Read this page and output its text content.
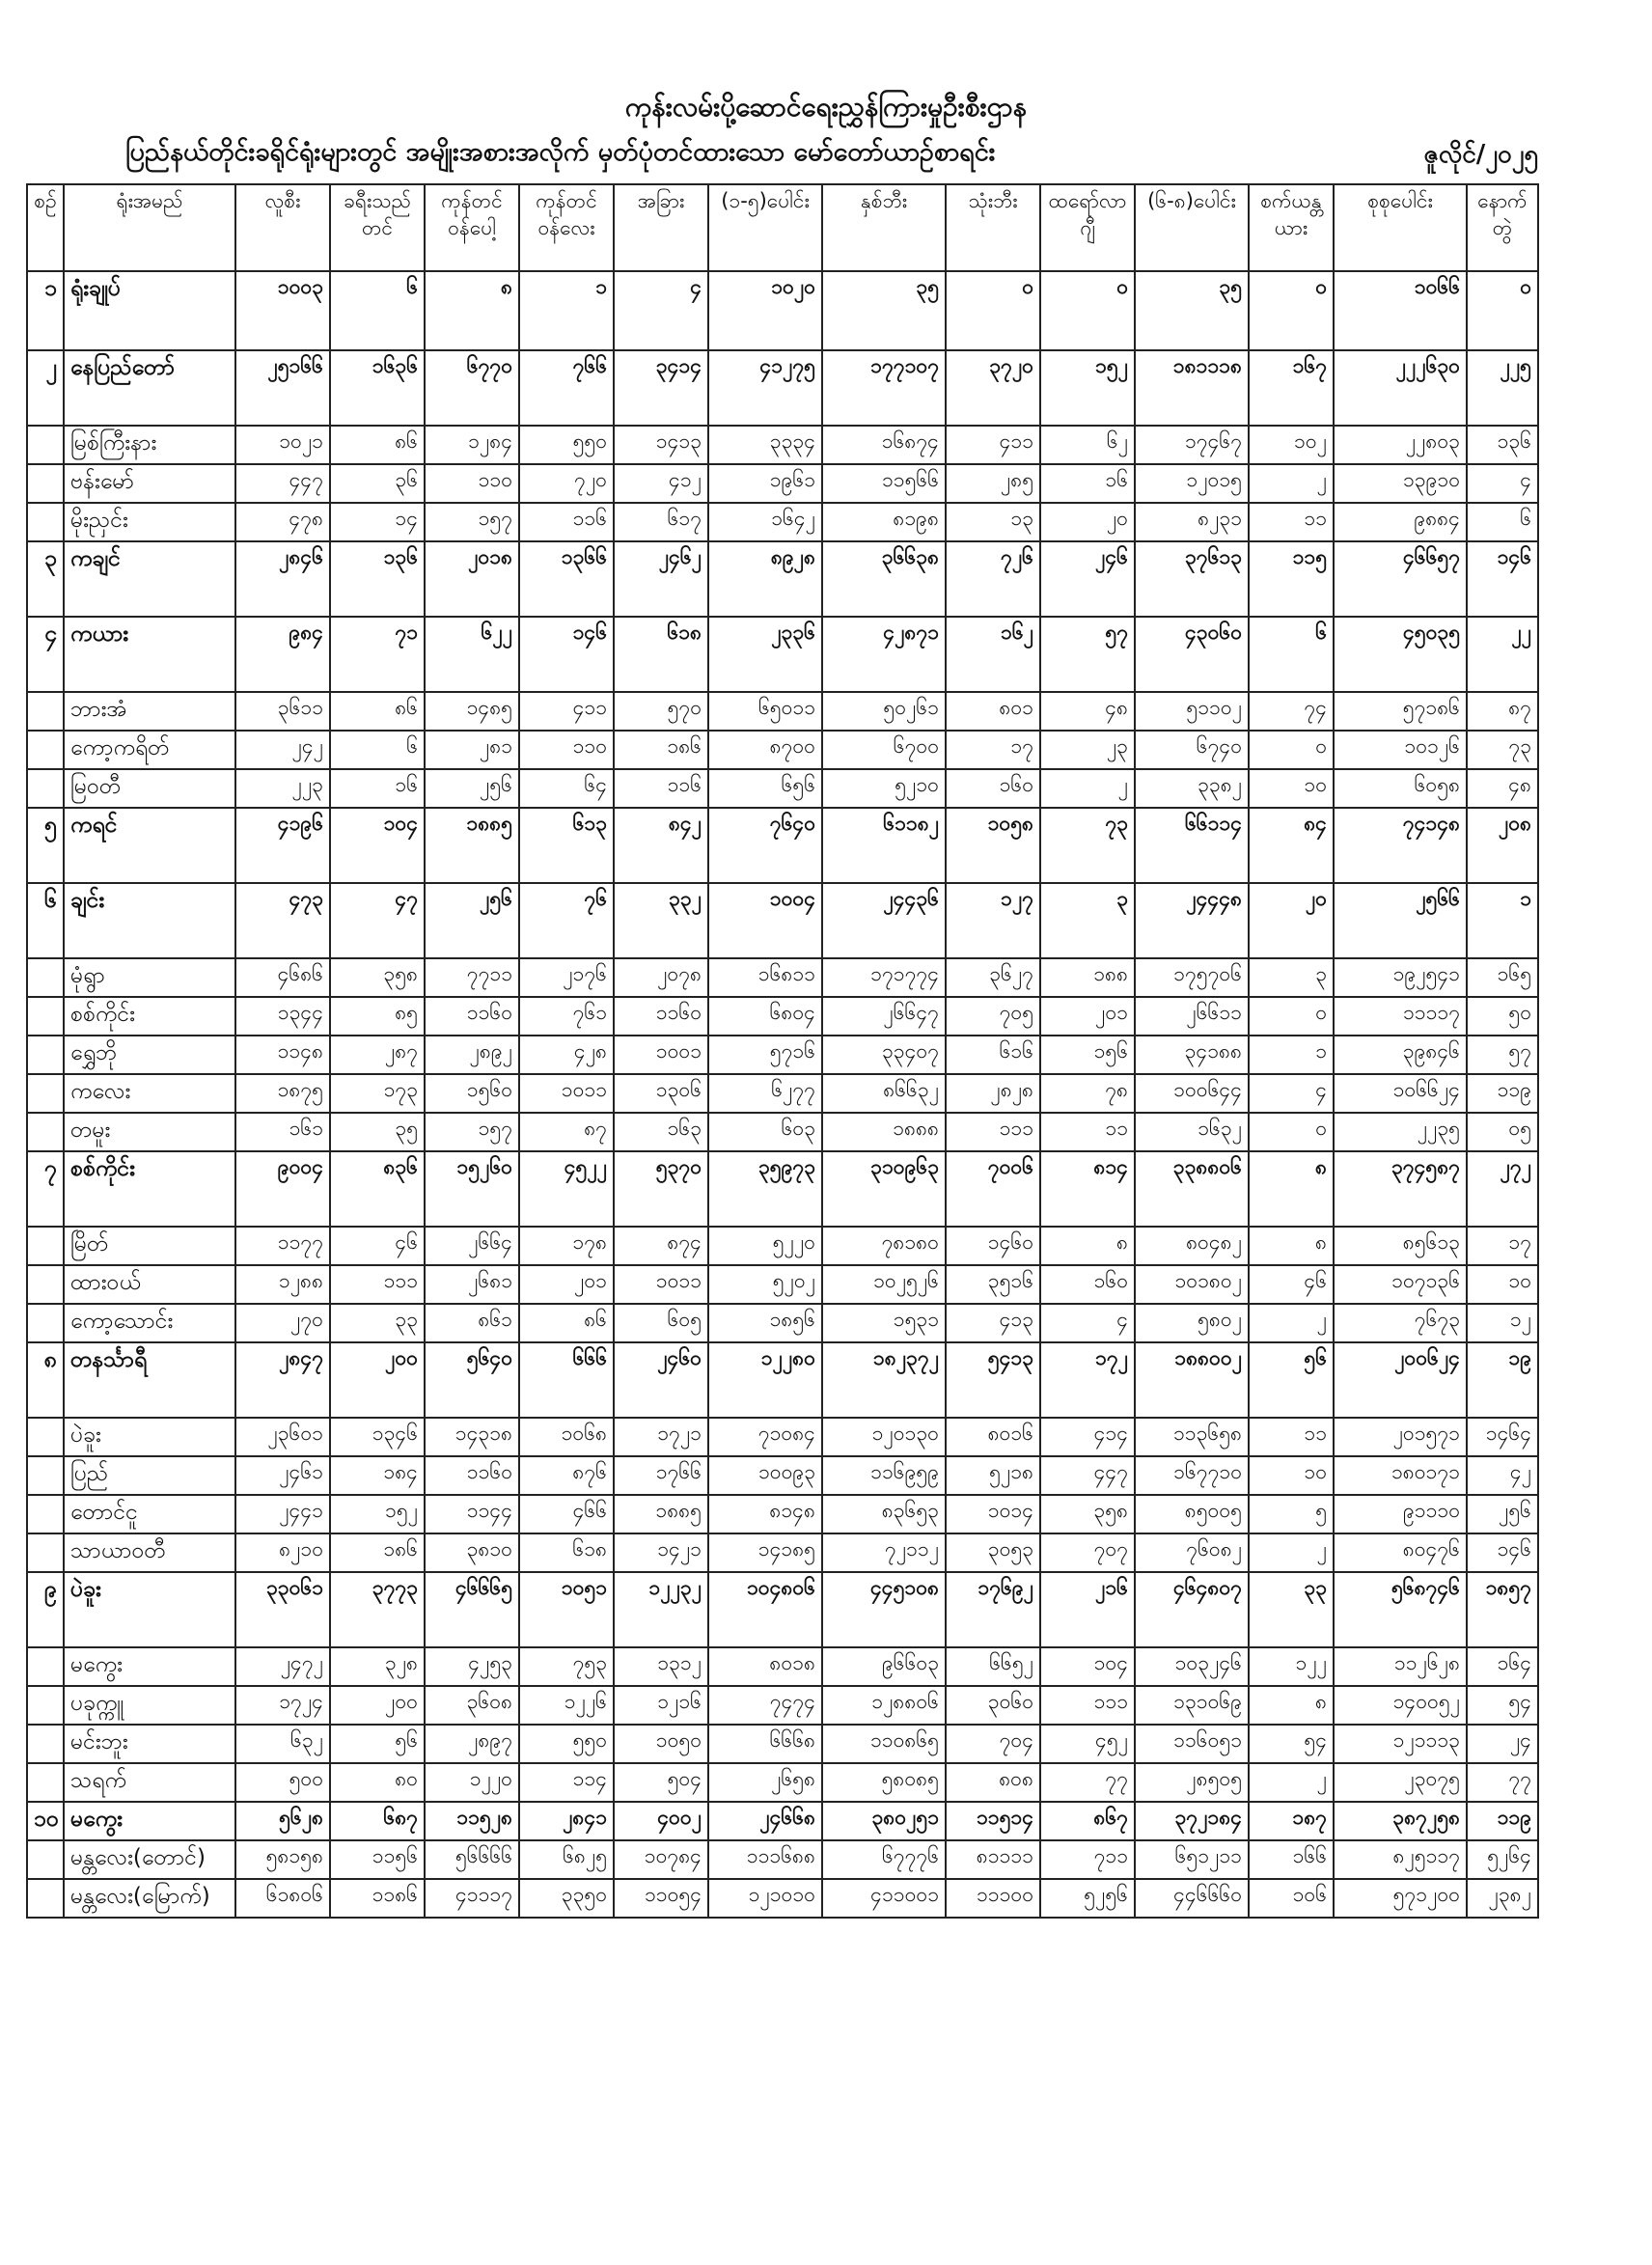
ကုန်းလမ်းပို့ဆောင်ရေးညွှန်ကြားမှုဦးစီးဌာန
ပြည်နယ်တိုင်းခရိုင်ရုံးများတွင် အမျိုးအစားအလိုက် မှတ်ပုံတင်ထားသော မော်တော်ယာဉ်စာရင်း	ဇူလိုင်/၂၀၂၅
စဉ်	ရုံးအမည်	လူစီး	ခရီးသည်တင်	ကုန်တင်ဝန်ပေါ့	ကုန်တင်ဝန်လေး	အခြား	(၁-၅)ပေါင်း	နှစ်ဘီး	သုံးဘီး	ထရော်လာဂျီ	(၆-၈)ပေါင်း	စက်ယန္တယား	စုစုပေါင်း	နောက်တွဲ
၁	ရုံးချုပ်	၁၀၀၃	၆	၈	၁	၄	၁၀၂၀	၃၅	၀	၀	၃၅	၀	၁၀၆၆	၀
၂	နေပြည်တော်	၂၅၁၆၆	၁၆၃၆	၆၇၇၀	၇၆၆	၃၄၁၄	၄၁၂၇၅	၁၇၇၁၀၇	၃၇၂၀	၁၅၂	၁၈၁၁၁၈	၁၆၇	၂၂၂၆၃၀	၂၂၅
	မြစ်ကြီးနား	၁၀၂၁	၈၆	၁၂၈၄	၅၅၀	၁၄၁၃	၃၃၃၄	၁၆၈၇၄	၄၁၁	၆၂	၁၇၄၆၇	၁၀၂	၂၂၈၀၃	၁၃၆
	ဗန်းမော်	၄၄၇	၃၆	၁၁၀	၇၂၀	၄၁၂	၁၉၆၁	၁၁၅၆၆	၂၈၅	၁၆	၁၂၀၁၅	၂	၁၃၉၁၀	၄
	မိုးညှင်း	၄၇၈	၁၄	၁၅၇	၁၁၆	၆၁၇	၁၆၄၂	၈၁၉၈	၁၃	၂၀	၈၂၃၁	၁၁	၉၈၈၄	၆
၃	ကချင်	၂၈၄၆	၁၃၆	၂၀၁၈	၁၃၆၆	၂၄၆၂	၈၉၂၈	၃၆၆၃၈	၇၂၆	၂၄၆	၃၇၆၁၃	၁၁၅	၄၆၆၅၇	၁၄၆
၄	ကယား	၉၈၄	၇၁	၆၂၂	၁၄၆	၆၁၈	၂၃၃၆	၄၂၈၇၁	၁၆၂	၅၇	၄၃၀၆၀	၆	၄၅၀၃၅	၂၂
	ဘားအံ	၃၆၁၁	၈၆	၁၄၈၅	၄၁၁	၅၇၀	၆၅၀၁၁	၅၀၂၆၁	၈၀၁	၄၈	၅၁၁၀၂	၇၄	၅၇၁၈၆	၈၇
	ကော့ကရိတ်	၂၄၂	၆	၂၈၁	၁၁၀	၁၈၆	၈၇၀၀	၆၇၀၀	၁၇	၂၃	၆၇၄၀	၀	၁၀၁၂၆	၇၃
	မြဝတီ	၂၂၃	၁၆	၂၅၆	၆၄	၁၁၆	၆၅၆	၅၂၁၀	၁၆၀	၂	၃၃၈၂	၁၀	၆၀၅၈	၄၈
၅	ကရင်	၄၁၉၆	၁၀၄	၁၈၈၅	၆၁၃	၈၄၂	၇၆၄၀	၆၁၁၈၂	၁၀၅၈	၇၃	၆၆၁၁၄	၈၄	၇၄၁၄၈	၂၀၈
၆	ချင်း	၄၇၃	၄၇	၂၅၆	၇၆	၃၃၂	၁၀၀၄	၂၄၄၃၆	၁၂၇	၃	၂၄၄၄၈	၂၀	၂၅၆၆	၁
	မုံရွာ	၄၆၈၆	၃၅၈	၇၇၁၁	၂၁၇၆	၂၀၇၈	၁၆၈၁၁	၁၇၁၇၇၄	၃၆၂၇	၁၈၈	၁၇၅၇၀၆	၃	၁၉၂၅၄၁	၁၆၅
	စစ်ကိုင်း	၁၃၄၄	၈၅	၁၁၆၀	၇၆၁	၁၁၆၀	၆၈၀၄	၂၆၆၄၇	၇၀၅	၂၀၁	၂၆၆၁၁	၀	၁၁၁၁၇	၅၀
	ရွှေဘို	၁၁၄၈	၂၈၇	၂၈၉၂	၄၂၈	၁၀၀၁	၅၇၁၆	၃၃၄၀၇	၆၁၆	၁၅၆	၃၄၁၈၈	၁	၃၉၈၄၆	၅၇
	ကလေး	၁၈၇၅	၁၇၃	၁၅၆၀	၁၀၁၁	၁၃၀၆	၆၂၇၇	၈၆၆၃၂	၂၈၂၈	၇၈	၁၀၀၆၄၄	၄	၁၀၆၆၂၄	၁၁၉
	တမူး	၁၆၁	၃၅	၁၅၇	၈၇	၁၆၃	၆၀၃	၁၈၈၈	၁၁၁	၁၁	၁၆၃၂	၀	၂၂၃၅	၀၅
၇	စစ်ကိုင်း	၉၀၀၄	၈၃၆	၁၅၂၆၀	၄၅၂၂	၅၃၇၀	၃၅၉၇၃	၃၁၀၉၆၃	၇၀၀၆	၈၁၄	၃၃၈၈၀၆	၈	၃၇၄၅၈၇	၂၇၂
	မြိတ်	၁၁၇၇	၄၆	၂၆၆၄	၁၇၈	၈၇၄	၅၂၂၀	၇၈၁၈၀	၁၄၆၀	၈	၈၀၄၈၂	၈	၈၅၆၁၃	၁၇
	ထားဝယ်	၁၂၈၈	၁၁၁	၂၆၈၁	၂၀၁	၁၀၁၁	၅၂၀၂	၁၀၂၅၂၆	၃၅၁၆	၁၆၀	၁၀၁၈၀၂	၄၆	၁၀၇၁၃၆	၁၀
	ကော့သောင်း	၂၇၀	၃၃	၈၆၁	၈၆	၆၀၅	၁၈၅၆	၁၅၃၁	၄၁၃	၄	၅၈၀၂	၂	၇၆၇၃	၁၂
၈	တနင်္သာရီ	၂၈၄၇	၂၀၀	၅၆၄၀	၆၆၆	၂၄၆၀	၁၂၂၈၀	၁၈၂၃၇၂	၅၄၁၃	၁၇၂	၁၈၈၀၀၂	၅၆	၂၀၀၆၂၄	၁၉
	ပဲခူး	၂၃၆၀၁	၁၃၄၆	၁၄၃၁၈	၁၀၆၈	၁၇၂၁	၇၁၀၈၄	၁၂၀၁၃၀	၈၀၁၆	၄၁၄	၁၁၃၆၅၈	၁၁	၂၀၁၅၇၁	၁၄၆၄
	ပြည်	၂၄၆၁	၁၈၄	၁၁၆၀	၈၇၆	၁၇၆၆	၁၀၀၉၃	၁၁၆၉၅၉	၅၂၁၈	၄၄၇	၁၆၇၇၁၀	၁၀	၁၈၀၁၇၁	၄၂
	တောင်ငူ	၂၄၄၁	၁၅၂	၁၁၄၄	၄၆၆	၁၈၈၅	၈၁၄၈	၈၃၆၅၃	၁၀၁၄	၃၅၈	၈၅၀၀၅	၅	၉၁၁၁၀	၂၅၆
	သာယာဝတီ	၈၂၁၀	၁၈၆	၃၈၁၀	၆၁၈	၁၄၂၁	၁၄၁၈၅	၇၂၁၁၂	၃၀၅၃	၇၀၇	၇၆၀၈၂	၂	၈၀၄၇၆	၁၄၆
၉	ပဲခူး	၃၃၀၆၁	၃၇၇၃	၄၆၆၆၅	၁၀၅၁	၁၂၂၃၂	၁၀၄၈၀၆	၄၄၅၁၀၈	၁၇၆၉၂	၂၁၆	၄၆၄၈၀၇	၃၃	၅၆၈၇၄၆	၁၈၅၇
	မကွေး	၂၄၇၂	၃၂၈	၄၂၅၃	၇၅၃	၁၃၁၂	၈၀၁၈	၉၆၆၀၃	၆၆၅၂	၁၀၄	၁၀၃၂၄၆	၁၂၂	၁၁၂၆၂၈	၁၆၄
	ပခုက္ကူ	၁၇၂၄	၂၀၀	၃၆၀၈	၁၂၂၆	၁၂၁၆	၇၄၇၄	၁၂၈၈၀၆	၃၀၆၀	၁၁၁	၁၃၁၀၆၉	၈	၁၄၀၀၅၂	၅၄
	မင်းဘူး	၆၃၂	၅၆	၂၈၉၇	၅၅၀	၁၀၅၀	၆၆၆၈	၁၁၀၈၆၅	၇၀၄	၄၅၂	၁၁၆၀၅၁	၅၄	၁၂၁၁၁၃	၂၄
	သရက်	၅၀၀	၈၀	၁၂၂၀	၁၁၄	၅၀၄	၂၆၅၈	၅၈၀၈၅	၈၀၈	၇၇	၂၈၅၀၅	၂	၂၃၀၇၅	၇၇
၁၀	မကွေး	၅၆၂၈	၆၈၇	၁၁၅၂၈	၂၈၄၁	၄၀၀၂	၂၄၆၆၈	၃၈၀၂၅၁	၁၁၅၁၄	၈၆၇	၃၇၂၁၈၄	၁၈၇	၃၈၇၂၅၈	၁၁၉
	မန္တလေး(တောင်)	၅၈၁၅၈	၁၁၅၆	၅၆၆၆၆	၆၈၂၅	၁၀၇၈၄	၁၁၁၆၈၈	၆၇၇၇၆	၈၁၁၁၁	၇၁၁	၆၅၁၂၁၁	၁၆၆	၈၂၅၁၁၇	၅၂၆၄
	မန္တလေး(မြောက်)	၆၁၈၀၆	၁၁၈၆	၄၁၁၁၇	၃၃၅၀	၁၁၀၅၄	၁၂၁၀၁၀	၄၁၁၀၀၁	၁၁၁၀၀	၅၂၅၆	၄၄၆၆၆၀	၁၀၆	၅၇၁၂၀၀	၂၃၈၂
